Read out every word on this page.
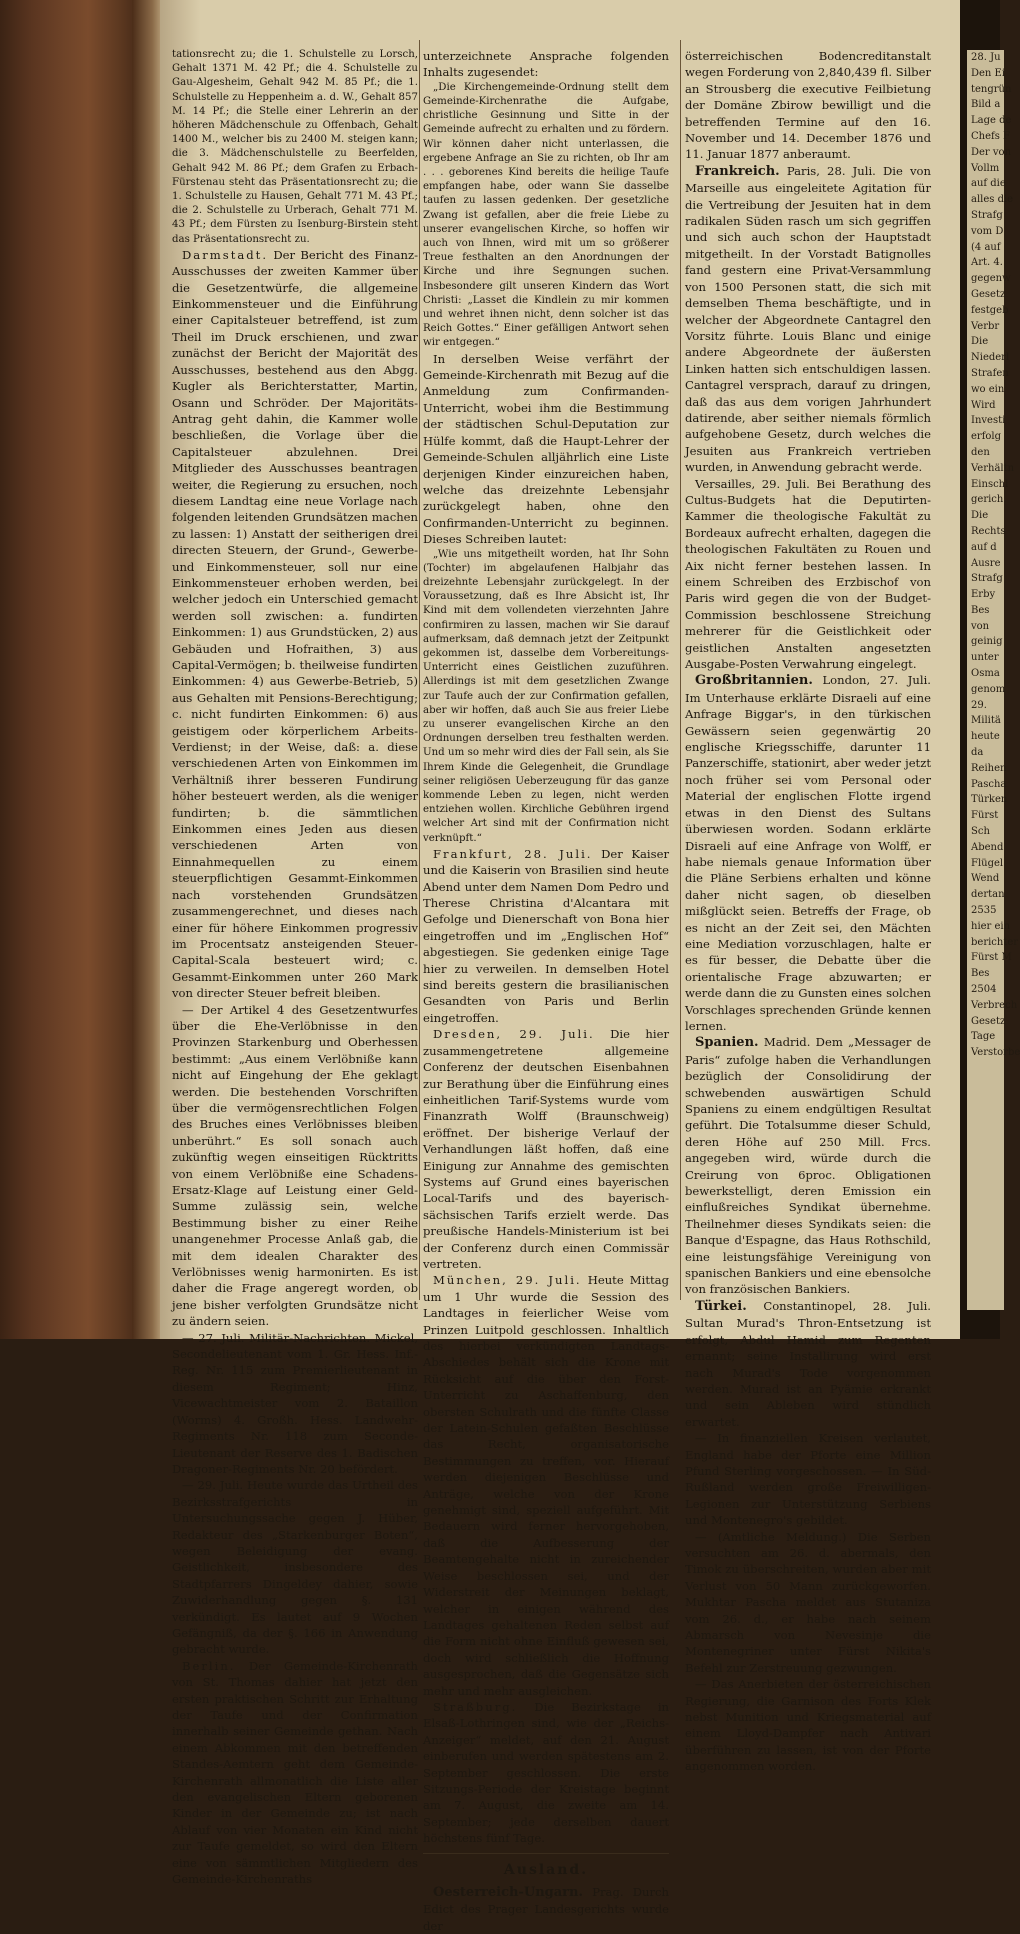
tationsrecht zu; die 1. Schulstelle zu Lorsch, Gehalt 1371 M. 42 Pf.; die 4. Schulstelle zu Gau-Algesheim, Gehalt 942 M. 85 Pf.; die 1. Schulstelle zu Heppenheim a. d. W., Gehalt 857 M. 14 Pf.; die Stelle einer Lehrerin an der höheren Mädchenschule zu Offenbach, Gehalt 1400 M., welcher bis zu 2400 M. steigen kann; die 3. Mädchenschulstelle zu Beerfelden, Gehalt 942 M. 86 Pf.; dem Grafen zu Erbach-Fürstenau steht das Präsentationsrecht zu; die 1. Schulstelle zu Hausen, Gehalt 771 M. 43 Pf.; die 2. Schulstelle zu Urberach, Gehalt 771 M. 43 Pf.; dem Fürsten zu Isenburg-Birstein steht das Präsentationsrecht zu.

Darmstadt. Der Bericht des Finanz-Ausschusses der zweiten Kammer über die Gesetzentwürfe, die allgemeine Einkommensteuer und die Einführung einer Capitalsteuer betreffend, ist zum Theil im Druck erschienen, und zwar zunächst der Bericht der Majorität des Ausschusses, bestehend aus den Abgg. Kugler als Berichterstatter, Martin, Osann und Schröder. Der Majoritäts-Antrag geht dahin, die Kammer wolle beschließen, die Vorlage über die Capitalsteuer abzulehnen. Drei Mitglieder des Ausschusses beantragen weiter, die Regierung zu ersuchen, noch diesem Landtag eine neue Vorlage nach folgenden leitenden Grundsätzen machen zu lassen: 1) Anstatt der seitherigen drei directen Steuern, der Grund-, Gewerbe- und Einkommensteuer, soll nur eine Einkommensteuer erhoben werden, bei welcher jedoch ein Unterschied gemacht werden soll zwischen: a. fundirten Einkommen: 1) aus Grundstücken, 2) aus Gebäuden und Hofraithen, 3) aus Capital-Vermögen; b. theilweise fundirten Einkommen: 4) aus Gewerbe-Betrieb, 5) aus Gehalten mit Pensions-Berechtigung; c. nicht fundirten Einkommen: 6) aus geistigem oder körperlichem Arbeits-Verdienst; in der Weise, daß: a. diese verschiedenen Arten von Einkommen im Verhältniß ihrer besseren Fundirung höher besteuert werden, als die weniger fundirten; b. die sämmtlichen Einkommen eines Jeden aus diesen verschiedenen Arten von Einnahmequellen zu einem steuerpflichtigen Gesammt-Einkommen nach vorstehenden Grundsätzen zusammengerechnet, und dieses nach einer für höhere Einkommen progressiv im Procentsatz ansteigenden Steuer-Capital-Scala besteuert wird; c. Gesammt-Einkommen unter 260 Mark von directer Steuer befreit bleiben.

— Der Artikel 4 des Gesetzentwurfes über die Ehe-Verlöbnisse in den Provinzen Starkenburg und Oberhessen bestimmt: „Aus einem Verlöbniße kann nicht auf Eingehung der Ehe geklagt werden. Die bestehenden Vorschriften über die vermögensrechtlichen Folgen des Bruches eines Verlöbnisses bleiben unberührt.“ Es soll sonach auch zukünftig wegen einseitigen Rücktritts von einem Verlöbniße eine Schadens-Ersatz-Klage auf Leistung einer Geld-Summe zulässig sein, welche Bestimmung bisher zu einer Reihe unangenehmer Processe Anlaß gab, die mit dem idealen Charakter des Verlöbnisses wenig harmonirten. Es ist daher die Frage angeregt worden, ob jene bisher verfolgten Grundsätze nicht zu ändern seien.

— 27. Juli. Militär-Nachrichten. Mickel, Secondelieutenant vom 1. Gr. Hess. Inf.-Reg. Nr. 115 zum Premierlieutenant in diesem Regiment; Hinz, Vicewachtmeister vom 2. Bataillon (Worms) 4. Großh. Hess. Landwehr-Regiments Nr. 118 zum Seconde-Lieutenant der Reserve des 1. Badischen Dragoner-Regiments Nr. 20 befördert.

— 29. Juli. Heute wurde das Urtheil des Bezirksstrafgerichts in Untersuchungssache gegen J. Hüber, Redakteur des „Starkenburger Boten“, wegen Beleidigung der evang. Geistlichkeit, insbesondere des Stadtpfarrers Dingeldey dahier, sowie Zuwiderhandlung gegen §. 131 verkündigt. Es lautet auf 9 Wochen Gefängniß, da der §. 166 in Anwendung gebracht wurde.

Berlin. Der Gemeinde-Kirchenrath von St. Thomas dahier hat jetzt den ersten praktischen Schritt zur Erhaltung der Taufe und der Confirmation innerhalb seiner Gemeinde gethan. Nach einem Abkommen mit den betreffenden Standes-Aemtern geht dem Gemeinde-Kirchenrath allmonatlich die Liste aller den evangelischen Eltern geborenen Kinder in der Gemeinde zu; ist nach Ablauf von vier Monaten ein Kind nicht zur Taufe gemeldet, so wird den Eltern eine von sämmtlichen Mitgliedern des Gemeinde-Kirchenraths

unterzeichnete Ansprache folgenden Inhalts zugesendet:

„Die Kirchengemeinde-Ordnung stellt dem Gemeinde-Kirchenrathe die Aufgabe, christliche Gesinnung und Sitte in der Gemeinde aufrecht zu erhalten und zu fördern. Wir können daher nicht unterlassen, die ergebene Anfrage an Sie zu richten, ob Ihr am . . . geborenes Kind bereits die heilige Taufe empfangen habe, oder wann Sie dasselbe taufen zu lassen gedenken. Der gesetzliche Zwang ist gefallen, aber die freie Liebe zu unserer evangelischen Kirche, so hoffen wir auch von Ihnen, wird mit um so größerer Treue festhalten an den Anordnungen der Kirche und ihre Segnungen suchen. Insbesondere gilt unseren Kindern das Wort Christi: „Lasset die Kindlein zu mir kommen und wehret ihnen nicht, denn solcher ist das Reich Gottes.“ Einer gefälligen Antwort sehen wir entgegen.“

In derselben Weise verfährt der Gemeinde-Kirchenrath mit Bezug auf die Anmeldung zum Confirmanden-Unterricht, wobei ihm die Bestimmung der städtischen Schul-Deputation zur Hülfe kommt, daß die Haupt-Lehrer der Gemeinde-Schulen alljährlich eine Liste derjenigen Kinder einzureichen haben, welche das dreizehnte Lebensjahr zurückgelegt haben, ohne den Confirmanden-Unterricht zu beginnen. Dieses Schreiben lautet:

„Wie uns mitgetheilt worden, hat Ihr Sohn (Tochter) im abgelaufenen Halbjahr das dreizehnte Lebensjahr zurückgelegt. In der Voraussetzung, daß es Ihre Absicht ist, Ihr Kind mit dem vollendeten vierzehnten Jahre confirmiren zu lassen, machen wir Sie darauf aufmerksam, daß demnach jetzt der Zeitpunkt gekommen ist, dasselbe dem Vorbereitungs-Unterricht eines Geistlichen zuzuführen. Allerdings ist mit dem gesetzlichen Zwange zur Taufe auch der zur Confirmation gefallen, aber wir hoffen, daß auch Sie aus freier Liebe zu unserer evangelischen Kirche an den Ordnungen derselben treu festhalten werden. Und um so mehr wird dies der Fall sein, als Sie Ihrem Kinde die Gelegenheit, die Grundlage seiner religiösen Ueberzeugung für das ganze kommende Leben zu legen, nicht werden entziehen wollen. Kirchliche Gebühren irgend welcher Art sind mit der Confirmation nicht verknüpft.“

Frankfurt, 28. Juli. Der Kaiser und die Kaiserin von Brasilien sind heute Abend unter dem Namen Dom Pedro und Therese Christina d'Alcantara mit Gefolge und Dienerschaft von Bona hier eingetroffen und im „Englischen Hof“ abgestiegen. Sie gedenken einige Tage hier zu verweilen. In demselben Hotel sind bereits gestern die brasilianischen Gesandten von Paris und Berlin eingetroffen.

Dresden, 29. Juli. Die hier zusammengetretene allgemeine Conferenz der deutschen Eisenbahnen zur Berathung über die Einführung eines einheitlichen Tarif-Systems wurde vom Finanzrath Wolff (Braunschweig) eröffnet. Der bisherige Verlauf der Verhandlungen läßt hoffen, daß eine Einigung zur Annahme des gemischten Systems auf Grund eines bayerischen Local-Tarifs und des bayerisch-sächsischen Tarifs erzielt werde. Das preußische Handels-Ministerium ist bei der Conferenz durch einen Commissär vertreten.

München, 29. Juli. Heute Mittag um 1 Uhr wurde die Session des Landtages in feierlicher Weise vom Prinzen Luitpold geschlossen. Inhaltlich des hierbei verkündigten Landtags-Abschiedes behält sich die Krone mit Rücksicht auf die über den Forst-Unterricht zu Aschaffenburg, den obersten Schulrath und die fünfte Classe der Latein-Schulen gefaßten Beschlüsse das Recht, organisatorische Bestimmungen zu treffen, vor. Hierauf werden diejenigen Beschlüsse und Anträge, welche von der Krone genehmigt sind, speziell aufgeführt. Mit Bedauern wird ferner hervorgehoben, daß die Aufbesserung der Beamtengehalte nicht in zureichender Weise beschlossen sei, und der Widerstreit der Meinungen beklagt, welcher in einigen während des Landtages gehaltenen Reden selbst auf die Form nicht ohne Einfluß gewesen sei, doch wird schließlich die Hoffnung ausgesprochen, daß die Gegensätze sich mehr und mehr ausgleichen.

Straßburg. Die Bezirkstage in Elsaß-Lothringen sind, wie der „Reichs-Anzeiger“ meldet, auf den 21. August einberufen und werden spätestens am 2. September geschlossen. Die erste Sitzungs-Periode der Kreistage beginnt am 7. August, die zweite am 14. September; jede derselben dauert höchstens fünf Tage.

Ausland.

Oesterreich-Ungarn. Prag. Durch Edict des Prager Landesgerichts wurde der

österreichischen Bodencreditanstalt wegen Forderung von 2,840,439 fl. Silber an Strousberg die executive Feilbietung der Domäne Zbirow bewilligt und die betreffenden Termine auf den 16. November und 14. December 1876 und 11. Januar 1877 anberaumt.

Frankreich. Paris, 28. Juli. Die von Marseille aus eingeleitete Agitation für die Vertreibung der Jesuiten hat in dem radikalen Süden rasch um sich gegriffen und sich auch schon der Hauptstadt mitgetheilt. In der Vorstadt Batignolles fand gestern eine Privat-Versammlung von 1500 Personen statt, die sich mit demselben Thema beschäftigte, und in welcher der Abgeordnete Cantagrel den Vorsitz führte. Louis Blanc und einige andere Abgeordnete der äußersten Linken hatten sich entschuldigen lassen. Cantagrel versprach, darauf zu dringen, daß das aus dem vorigen Jahrhundert datirende, aber seither niemals förmlich aufgehobene Gesetz, durch welches die Jesuiten aus Frankreich vertrieben wurden, in Anwendung gebracht werde.

Versailles, 29. Juli. Bei Berathung des Cultus-Budgets hat die Deputirten-Kammer die theologische Fakultät zu Bordeaux aufrecht erhalten, dagegen die theologischen Fakultäten zu Rouen und Aix nicht ferner bestehen lassen. In einem Schreiben des Erzbischof von Paris wird gegen die von der Budget-Commission beschlossene Streichung mehrerer für die Geistlichkeit oder geistlichen Anstalten angesetzten Ausgabe-Posten Verwahrung eingelegt.

Großbritannien. London, 27. Juli. Im Unterhause erklärte Disraeli auf eine Anfrage Biggar's, in den türkischen Gewässern seien gegenwärtig 20 englische Kriegsschiffe, darunter 11 Panzerschiffe, stationirt, aber weder jetzt noch früher sei vom Personal oder Material der englischen Flotte irgend etwas in den Dienst des Sultans überwiesen worden. Sodann erklärte Disraeli auf eine Anfrage von Wolff, er habe niemals genaue Information über die Pläne Serbiens erhalten und könne daher nicht sagen, ob dieselben mißglückt seien. Betreffs der Frage, ob es nicht an der Zeit sei, den Mächten eine Mediation vorzuschlagen, halte er es für besser, die Debatte über die orientalische Frage abzuwarten; er werde dann die zu Gunsten eines solchen Vorschlages sprechenden Gründe kennen lernen.

Spanien. Madrid. Dem „Messager de Paris“ zufolge haben die Verhandlungen bezüglich der Consolidirung der schwebenden auswärtigen Schuld Spaniens zu einem endgültigen Resultat geführt. Die Totalsumme dieser Schuld, deren Höhe auf 250 Mill. Frcs. angegeben wird, würde durch die Creirung von 6proc. Obligationen bewerkstelligt, deren Emission ein einflußreiches Syndikat übernehme. Theilnehmer dieses Syndikats seien: die Banque d'Espagne, das Haus Rothschild, eine leistungsfähige Vereinigung von spanischen Bankiers und eine ebensolche von französischen Bankiers.

Türkei. Constantinopel, 28. Juli. Sultan Murad's Thron-Entsetzung ist erfolgt, Abdul Hamid zum Regenten ernannt; seine Installirung wird erst nach Murad's Tode vorgenommen werden. Murad ist an Pyämie erkrankt und sein Ableben wird stündlich erwartet.

— In finanziellen Kreisen verlautet, England habe der Pforte eine Million Pfund Sterling vorgeschossen. — In Süd-Rußland werden große Freiwilligen-Legionen zur Unterstützung Serbiens und Montenegro's gebildet.

— (Amtliche Meldung.) Die Serben versuchten am 26. d. abermals, den Timok zu überschreiten, wurden aber mit Verlust von 50 Mann zurückgeworfen. Mukhtar Pascha meldet aus Stutaniza vom 26. d., er habe nach seinem Abmarsch von Nevesinje die Montenegriner unter Fürst Nikita's Befehl zur Zerstreuung gezwungen.

— Das Anerbieten der österreichischen Regierung, die Garnison des Forts Klek nebst Munition und Kriegsmaterial auf einem Lloyd-Dampfer nach Antivari überführen zu lassen, ist von der Pforte angenommen worden.

28. Ju
Den Ei
tengrün
Bild a
Lage de
Chefs F
Der von
Vollm
auf die
alles die
Strafg
vom D
(4 auf
Art. 4.
gegenw
Gesetz
festgeb
Verbr
Die
Niederl
Strafen
wo ein
Wird
Investi
erfolg
den
Verhältn
Einschl
gerich
Die
Rechts
auf d
Ausre
Strafg
Erby
Bes
von
geinig
unter
Osma
genom
29.
Militä
heute
da
Reihen
Pascha
Türken
Fürst
Sch
Abend
Flügel
Wend
dertan
2535
hier ein
berichter
Fürst M
Bes
2504
Verbrech
Gesetz
Tage
Verstorbe
